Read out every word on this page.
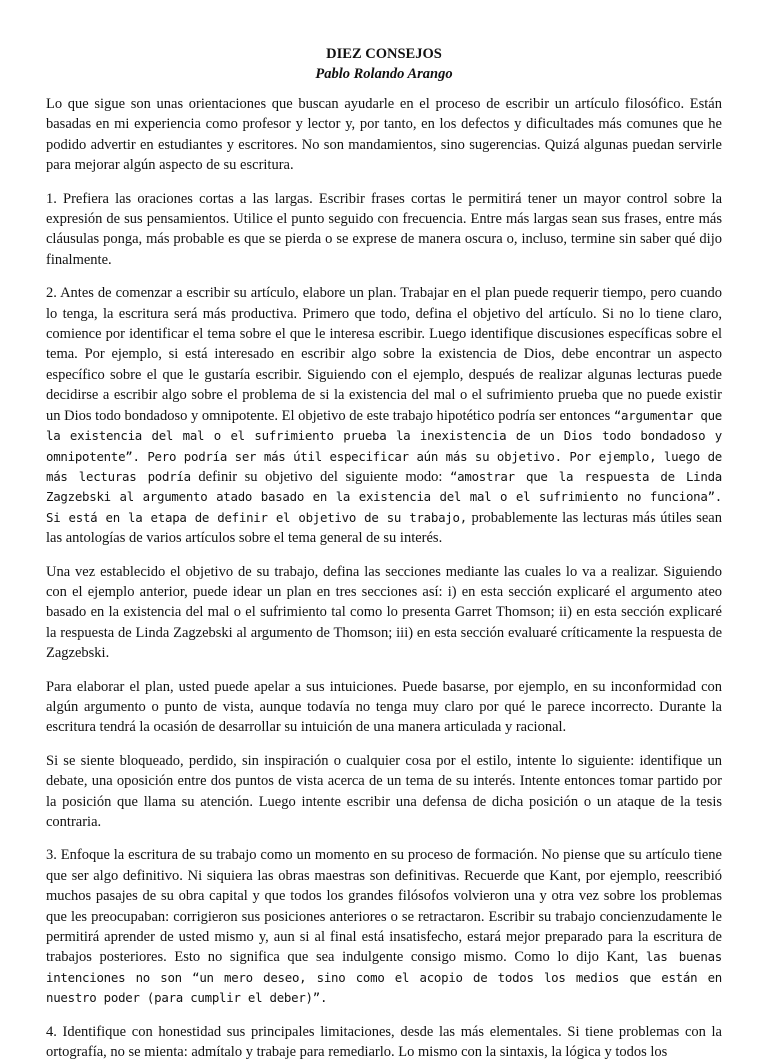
DIEZ CONSEJOS

Pablo Rolando Arango

Lo que sigue son unas orientaciones que buscan ayudarle en el proceso de escribir un artículo filosófico. Están basadas en mi experiencia como profesor y lector y, por tanto, en los defectos y dificultades más comunes que he podido advertir en estudiantes y escritores. No son mandamientos, sino sugerencias. Quizá algunas puedan servirle para mejorar algún aspecto de su escritura.

1. Prefiera las oraciones cortas a las largas. Escribir frases cortas le permitirá tener un mayor control sobre la expresión de sus pensamientos. Utilice el punto seguido con frecuencia. Entre más largas sean sus frases, entre más cláusulas ponga, más probable es que se pierda o se exprese de manera oscura o, incluso, termine sin saber qué dijo finalmente.

2. Antes de comenzar a escribir su artículo, elabore un plan. Trabajar en el plan puede requerir tiempo, pero cuando lo tenga, la escritura será más productiva. Primero que todo, defina el objetivo del artículo. Si no lo tiene claro, comience por identificar el tema sobre el que le interesa escribir. Luego identifique discusiones específicas sobre el tema. Por ejemplo, si está interesado en escribir algo sobre la existencia de Dios, debe encontrar un aspecto específico sobre el que le gustaría escribir. Siguiendo con el ejemplo, después de realizar algunas lecturas puede decidirse a escribir algo sobre el problema de si la existencia del mal o el sufrimiento prueba que no puede existir un Dios todo bondadoso y omnipotente. El objetivo de este trabajo hipotético podría ser entonces “argumentar que la existencia del mal o el sufrimiento prueba la inexistencia de un Dios todo bondadoso y omnipotente”. Pero podría ser más útil especificar aún más su objetivo. Por ejemplo, luego de más lecturas podría definir su objetivo del siguiente modo: “amostrar que la respuesta de Linda Zagzebski al argumento atado basado en la existencia del mal o el sufrimiento no funciona”. Si está en la etapa de definir el objetivo de su trabajo, probablemente las lecturas más útiles sean las antologías de varios artículos sobre el tema general de su interés.

Una vez establecido el objetivo de su trabajo, defina las secciones mediante las cuales lo va a realizar. Siguiendo con el ejemplo anterior, puede idear un plan en tres secciones así: i) en esta sección explicaré el argumento ateo basado en la existencia del mal o el sufrimiento tal como lo presenta Garret Thomson; ii) en esta sección explicaré la respuesta de Linda Zagzebski al argumento de Thomson; iii) en esta sección evaluaré críticamente la respuesta de Zagzebski.

Para elaborar el plan, usted puede apelar a sus intuiciones. Puede basarse, por ejemplo, en su inconformidad con algún argumento o punto de vista, aunque todavía no tenga muy claro por qué le parece incorrecto. Durante la escritura tendrá la ocasión de desarrollar su intuición de una manera articulada y racional.

Si se siente bloqueado, perdido, sin inspiración o cualquier cosa por el estilo, intente lo siguiente: identifique un debate, una oposición entre dos puntos de vista acerca de un tema de su interés. Intente entonces tomar partido por la posición que llama su atención. Luego intente escribir una defensa de dicha posición o un ataque de la tesis contraria.

3. Enfoque la escritura de su trabajo como un momento en su proceso de formación. No piense que su artículo tiene que ser algo definitivo. Ni siquiera las obras maestras son definitivas. Recuerde que Kant, por ejemplo, reescribió muchos pasajes de su obra capital y que todos los grandes filósofos volvieron una y otra vez sobre los problemas que les preocupaban: corrigieron sus posiciones anteriores o se retractaron. Escribir su trabajo concienzudamente le permitirá aprender de usted mismo y, aun si al final está insatisfecho, estará mejor preparado para la escritura de trabajos posteriores. Esto no significa que sea indulgente consigo mismo. Como lo dijo Kant, las buenas intenciones no son “un mero deseo, sino como el acopio de todos los medios que están en nuestro poder (para cumplir el deber)”.

4. Identifique con honestidad sus principales limitaciones, desde las más elementales. Si tiene problemas con la ortografía, no se mienta: admítalo y trabaje para remediarlo. Lo mismo con la sintaxis, la lógica y todos los
